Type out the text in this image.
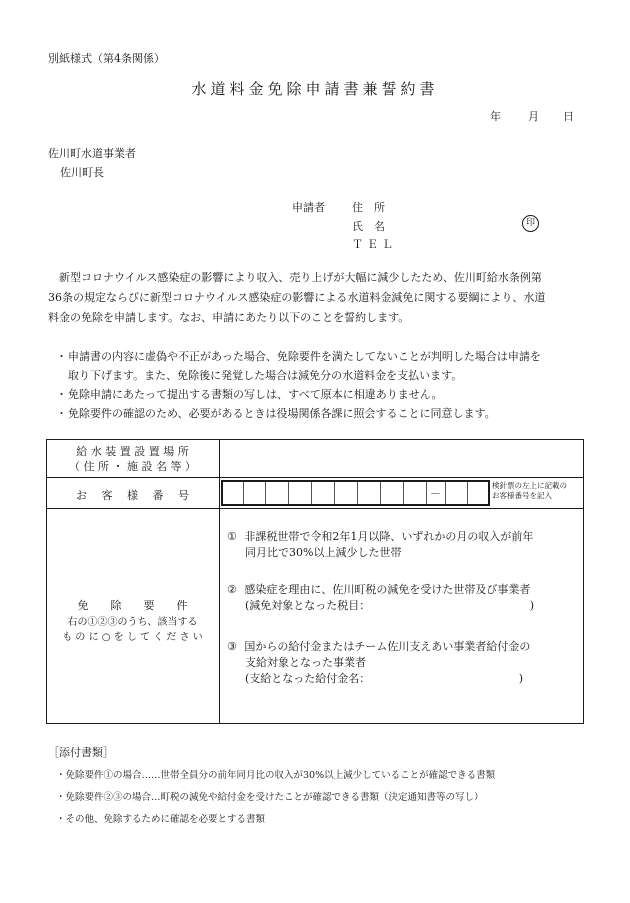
別紙様式（第4条関係）
水道料金免除申請書兼誓約書
年 月 日
佐川町水道事業者
佐川町長
申請者 住　所
氏　名	印
ＴＥＬ

新型コロナウイルス感染症の影響により収入、売り上げが大幅に減少したため、佐川町給水条例第

36条の規定ならびに新型コロナウイルス感染症の影響による水道料金減免に関する要綱により、水道

料金の免除を申請します。なお、申請にあたり以下のことを誓約します。

・ 申請書の内容に虚偽や不正があった場合、免除要件を満たしてないことが判明した場合は申請を
取り下げます。また、免除後に発覚した場合は減免分の水道料金を支払います。
・ 免除申請にあたって提出する書類の写しは、すべて原本に相違ありません。
・ 免除要件の確認のため、必要があるときは役場関係各課に照会することに同意します。
給 水 装 置 設 置 場 所
（ 住 所 ・ 施 設 名 等 ）
お　 客 　様 　番 　号	－
検針票の左上に記載の
お客様番号を記入
免　　除　　要　　件
右の①②③のうち、該当する
も の に ○ を し て く だ さ い
① 非課税世帯で令和2年1月以降、いずれかの月の収入が前年
同月比で30%以上減少した世帯
② 感染症を理由に、佐川町税の減免を受けた世帯及び事業者
(減免対象となった税目：　　　　　　　　　　　　　　　)
③ 国からの給付金またはチーム佐川支えあい事業者給付金の
支給対象となった事業者
(支給となった給付金名：　　　　　　　　　　　　　　)
［添付書類］
・免除要件①の場合……世帯全員分の前年同月比の収入が30%以上減少していることが確認できる書類
・免除要件②③の場合…町税の減免や給付金を受けたことが確認できる書類（決定通知書等の写し）
・その他、免除するために確認を必要とする書類
